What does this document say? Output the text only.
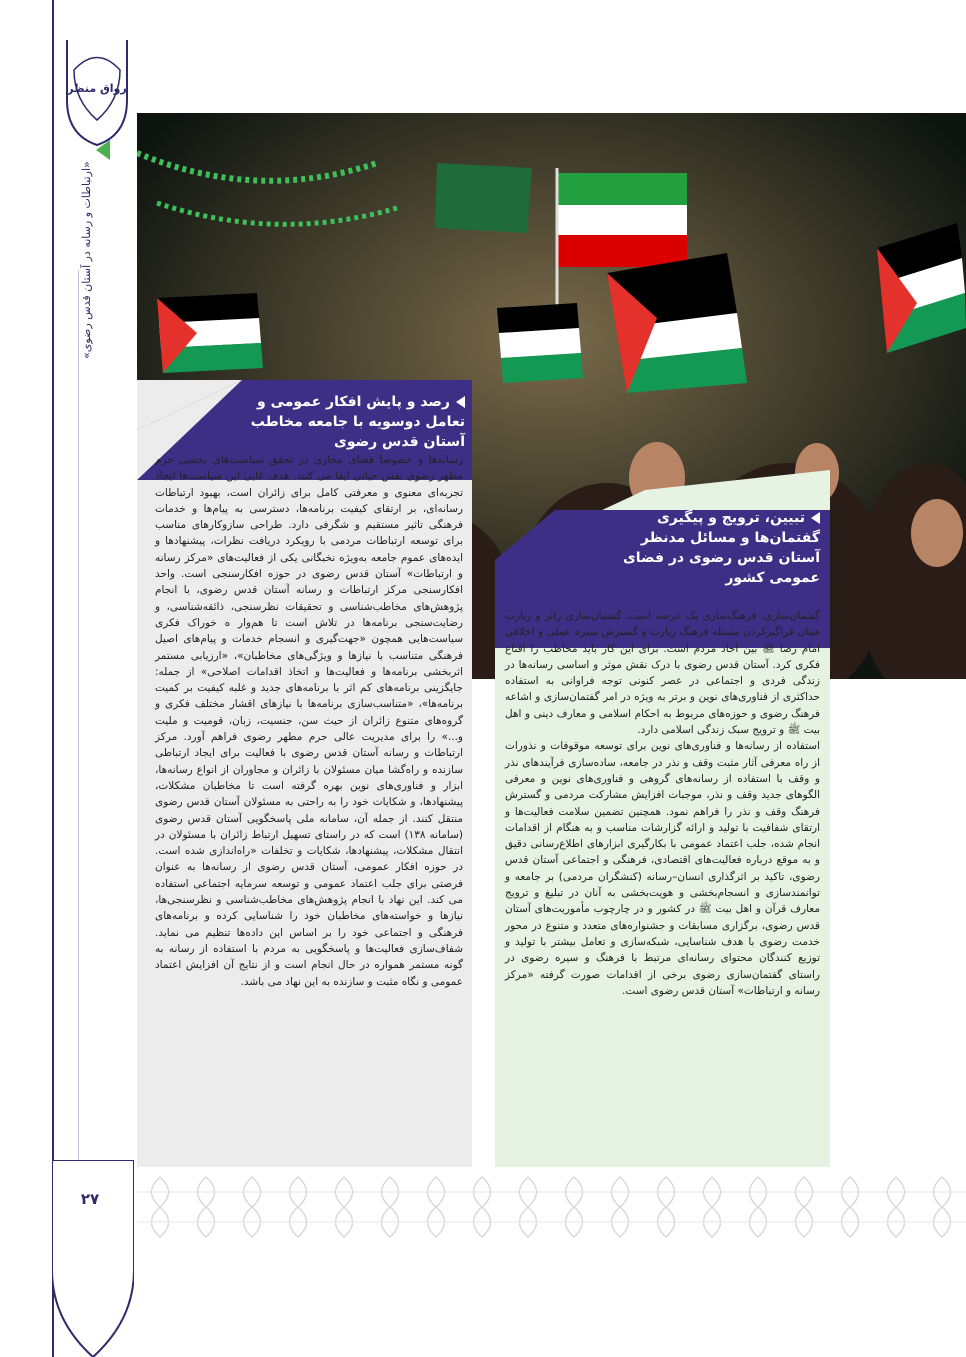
رواق منظر
«ارتباطات و رسانه در آستان قدس رضوی»
رصد و پایش افکار عمومی و تعامل دوسویه با جامعه مخاطب آستان قدس رضوی
تبیین، ترویج و پیگیری گفتمان‌ها و مسائل مدنظر آستان قدس رضوی در فضای عمومی کشور

رسانه‌ها و خصوصا فضای مجازی در تحقق سیاست‌های بخشی حرم مطهر رضوی نقش حیاتی ایفا می کنند. هدف غایی این سیاست‌ها ایجاد تجربه‌ای معنوی و معرفتی کامل برای زائران است، بهبود ارتباطات رسانه‌ای، بر ارتقای کیفیت برنامه‌ها، دسترسی به پیام‌ها و خدمات فرهنگی تاثیر مستقیم و شگرفی دارد. طراحی سازوکارهای مناسب برای توسعه ارتباطات مردمی با رویکرد دریافت نظرات، پیشنهادها و ایده‌های عموم جامعه به‌ویژه نخبگانی یکی از فعالیت‌های «مرکز رسانه و ارتباطات» آستان قدس رضوی در حوزه افکارسنجی است. واحد افکارسنجی مرکز ارتباطات و رسانه آستان قدس رضوی، با انجام پژوهش‌های مخاطب‌شناسی و تحقیقات نظرسنجی، ذائقه‌شناسی، و رضایت‌سنجی برنامه‌ها در تلاش است تا هم‌وار ه خوراک فکری سیاست‌هایی همچون «جهت‌گیری و انسجام خدمات و پیام‌های اصیل فرهنگی متناسب با نیازها و ویژگی‌های مخاطبان»، «ارزیابی مستمر اثربخشی برنامه‌ها و فعالیت‌ها و اتخاذ اقدامات اصلاحی» از جمله: جایگزینی برنامه‌های کم اثر با برنامه‌های جدید و غلبه کیفیت بر کمیت برنامه‌ها»، «متناسب‌سازی برنامه‌ها با نیازهای اقشار مختلف فکری و گروه‌های متنوع زائران از حیث سن، جنسیت، زبان، قومیت و ملیت و...» را برای مدیریت عالی حرم مطهر رضوی فراهم آورد. مرکز ارتباطات و رسانه آستان قدس رضوی با فعالیت برای ایجاد ارتباطی سازنده و راه‌گشا میان مسئولان با زائران و مجاوران از انواع رسانه‌ها، ابزار و فناوری‌های نوین بهره گرفته است تا مخاطبان مشکلات، پیشنهادها، و شکایات خود را به راحتی به مسئولان آستان قدس رضوی منتقل کنند. از جمله آن، سامانه ملی پاسخگویی آستان قدس رضوی (سامانه ۱۳۸) است که در راستای تسهیل ارتباط زائران با مسئولان در انتقال مشکلات، پیشنهادها، شکایات و تخلفات «راه‌اندازی شده است. در حوزه افکار عمومی، آستان قدس رضوی از رسانه‌ها به عنوان فرصتی برای جلب اعتماد عمومی و توسعه سرمایه اجتماعی استفاده می کند. این نهاد با انجام پژوهش‌های مخاطب‌شناسی و نظرسنجی‌ها، نیازها و خواسته‌های مخاطبان خود را شناسایی کرده و برنامه‌های فرهنگی و اجتماعی خود را بر اساس این داده‌ها تنظیم می نماید. شفاف‌سازی فعالیت‌ها و پاسخگویی به مردم با استفاده از رسانه به گونه مستمر همواره در حال انجام است و از نتایج آن افزایش اعتماد عمومی و نگاه مثبت و سازنده به این نهاد می باشد.

گفتمان‌سازی، فرهنگ‌سازی یک عرصه است. گفتمان‌سازی زائر و زیارت همان فراگیرکردن مسئله فرهنگ زیارت و گسترش سیره عملی و اخلاقی امام رضا ﷺ بین آحاد مردم است. برای این کار باید مخاطب را اقناع فکری کرد. آستان قدس رضوی با درک نقش موثر و اساسی رسانه‌ها در زندگی فردی و اجتماعی در عصر کنونی توجه فراوانی به استفاده حداکثری از فناوری‌های نوین و برتر به ویژه در امر گفتمان‌سازی و اشاعه فرهنگ رضوی و حوزه‌های مربوط به احکام اسلامی و معارف دینی و اهل بیت ﷺ و ترویج سبک زندگی اسلامی دارد.

استفاده از رسانه‌ها و فناوری‌های نوین برای توسعه موقوفات و نذورات از راه معرفی آثار مثبت وقف و نذر در جامعه، ساده‌سازی فرآیندهای نذر و وقف با استفاده از رسانه‌های گروهی و فناوری‌های نوین و معرفی الگوهای جدید وقف و نذر، موجبات افزایش مشارکت مردمی و گسترش فرهنگ وقف و نذر را فراهم نمود. همچنین تضمین سلامت فعالیت‌ها و ارتقای شفافیت با تولید و ارائه گزارشات مناسب و به هنگام از اقدامات انجام شده، جلب اعتماد عمومی با بکارگیری ابزارهای اطلاع‌رسانی دقیق و به موقع درباره فعالیت‌های اقتصادی، فرهنگی و اجتماعی آستان قدس رضوی، تاکید بر اثرگذاری انسان–رسانه (کنشگران مردمی) بر جامعه و توانمندسازی و انسجام‌بخشی و هویت‌بخشی به آنان در تبلیغ و ترویج معارف قرآن و اهل بیت ﷺ در کشور و در چارچوب مأموریت‌های آستان قدس رضوی، برگزاری مسابقات و جشنواره‌های متعدد و متنوع در محور خدمت رضوی با هدف شناسایی، شبکه‌سازی و تعامل بیشتر با تولید و توزیع کنندگان محتوای رسانه‌ای مرتبط با فرهنگ و سیره رضوی در راستای گفتمان‌سازی رضوی برخی از اقدامات صورت گرفته «مرکز رسانه و ارتباطات» آستان قدس رضوی است.

۲۷
